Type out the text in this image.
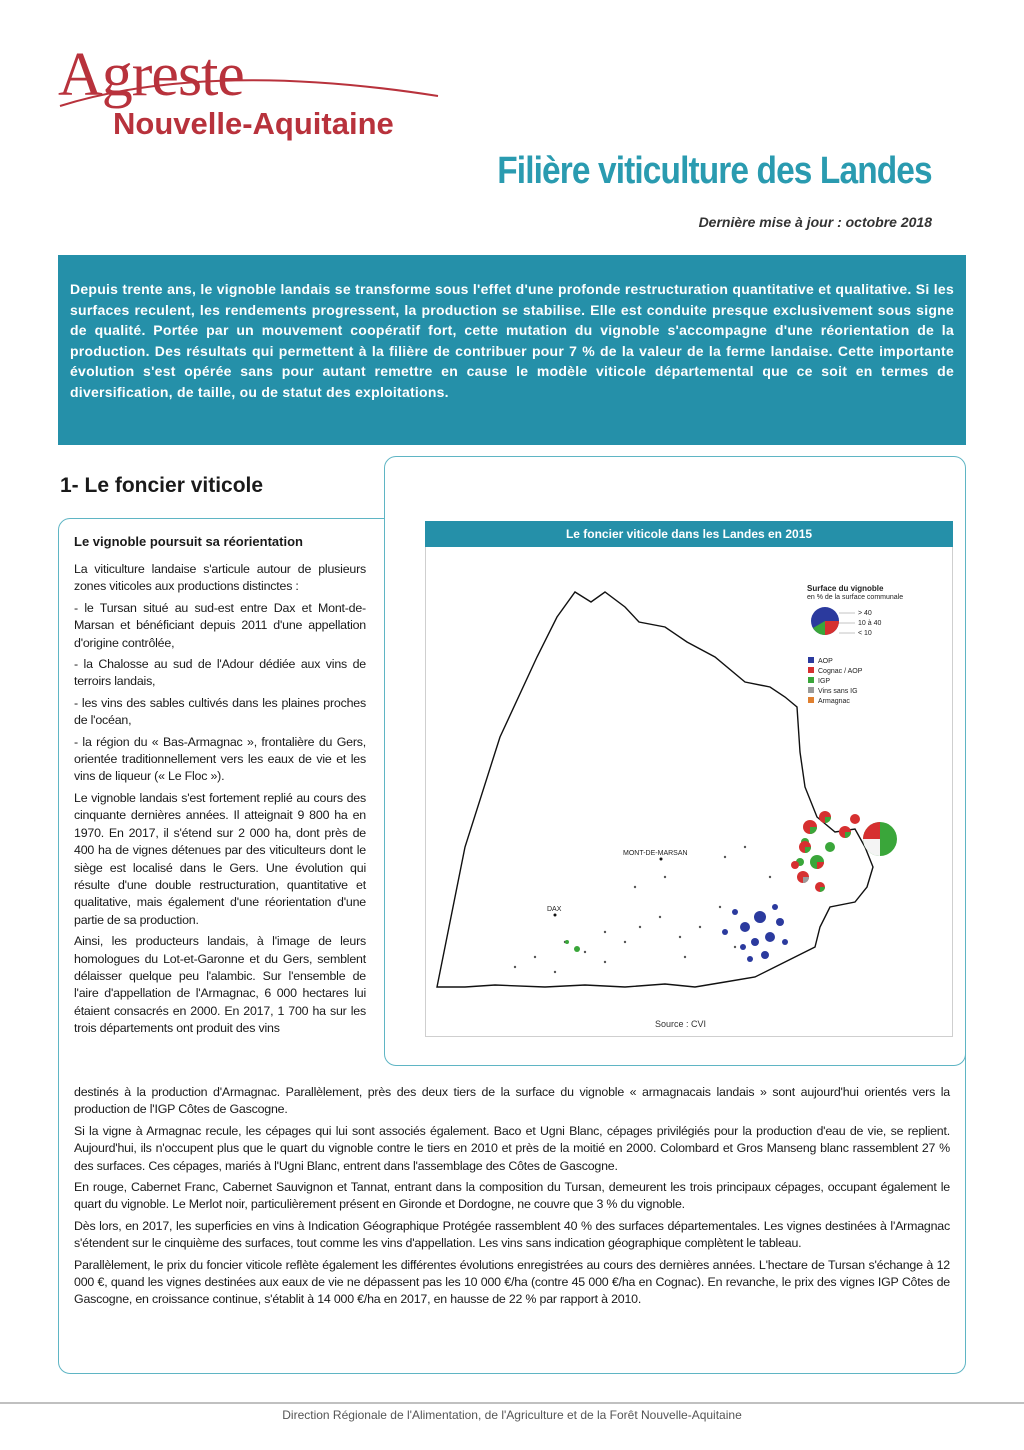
Agreste
Nouvelle-Aquitaine
Filière viticulture des Landes
Dernière mise à jour : octobre 2018

Depuis trente ans, le vignoble landais se transforme sous l'effet d'une profonde restructuration quantitative et qualitative. Si les surfaces reculent, les rendements progressent, la production se stabilise. Elle est conduite presque exclusivement sous signe de qualité. Portée par un mouvement coopératif fort, cette mutation du vignoble s'accompagne d'une réorientation de la production. Des résultats qui permettent à la filière de contribuer pour 7 % de la valeur de la ferme landaise. Cette importante évolution s'est opérée sans pour autant remettre en cause le modèle viticole départemental que ce soit en termes de diversification, de taille, ou de statut des exploitations.

1- Le foncier viticole
Le foncier viticole dans les Landes en 2015
Surface du vignoble
en % de la surface communale
> 40
10 à 40
< 10
AOP
Cognac / AOP
IGP
Vins sans IG
Armagnac
MONT-DE-MARSAN
DAX
Source : CVI
Le vignoble poursuit sa réorientation

La viticulture landaise s'articule autour de plusieurs zones viticoles aux productions distinctes :

- le Tursan situé au sud-est entre Dax et Mont-de-Marsan et bénéficiant depuis 2011 d'une appellation d'origine contrôlée,

- la Chalosse au sud de l'Adour dédiée aux vins de terroirs landais,

- les vins des sables cultivés dans les plaines proches de l'océan,

- la région du « Bas-Armagnac », frontalière du Gers, orientée traditionnellement vers les eaux de vie et les vins de liqueur (« Le Floc »).

Le vignoble landais s'est fortement replié au cours des cinquante dernières années. Il atteignait 9 800 ha en 1970. En 2017, il s'étend sur 2 000 ha, dont près de 400 ha de vignes détenues par des viticulteurs dont le siège est localisé dans le Gers. Une évolution qui résulte d'une double restructuration, quantitative et qualitative, mais également d'une réorientation d'une partie de sa production.

Ainsi, les producteurs landais, à l'image de leurs homologues du Lot-et-Garonne et du Gers, semblent délaisser quelque peu l'alambic. Sur l'ensemble de l'aire d'appellation de l'Armagnac, 6 000 hectares lui étaient consacrés en 2000. En 2017, 1 700 ha sur les trois départements ont produit des vins

destinés à la production d'Armagnac. Parallèlement, près des deux tiers de la surface du vignoble « armagnacais landais » sont aujourd'hui orientés vers la production de l'IGP Côtes de Gascogne.

Si la vigne à Armagnac recule, les cépages qui lui sont associés également. Baco et Ugni Blanc, cépages privilégiés pour la production d'eau de vie, se replient. Aujourd'hui, ils n'occupent plus que le quart du vignoble contre le tiers en 2010 et près de la moitié en 2000. Colombard et Gros Manseng blanc rassemblent 27 % des surfaces. Ces cépages, mariés à l'Ugni Blanc, entrent dans l'assemblage des Côtes de Gascogne.

En rouge, Cabernet Franc, Cabernet Sauvignon et Tannat, entrant dans la composition du Tursan, demeurent les trois principaux cépages, occupant également le quart du vignoble. Le Merlot noir, particulièrement présent en Gironde et Dordogne, ne couvre que 3 % du vignoble.

Dès lors, en 2017, les superficies en vins à Indication Géographique Protégée rassemblent 40 % des surfaces départementales. Les vignes destinées à l'Armagnac s'étendent sur le cinquième des surfaces, tout comme les vins d'appellation. Les vins sans indication géographique complètent le tableau.

Parallèlement, le prix du foncier viticole reflète également les différentes évolutions enregistrées au cours des dernières années. L'hectare de Tursan s'échange à 12 000 €, quand les vignes destinées aux eaux de vie ne dépassent pas les 10 000 €/ha (contre 45 000 €/ha en Cognac). En revanche, le prix des vignes IGP Côtes de Gascogne, en croissance continue, s'établit à 14 000 €/ha en 2017, en hausse de 22 % par rapport à 2010.

Direction Régionale de l'Alimentation, de l'Agriculture et de la Forêt Nouvelle-Aquitaine
